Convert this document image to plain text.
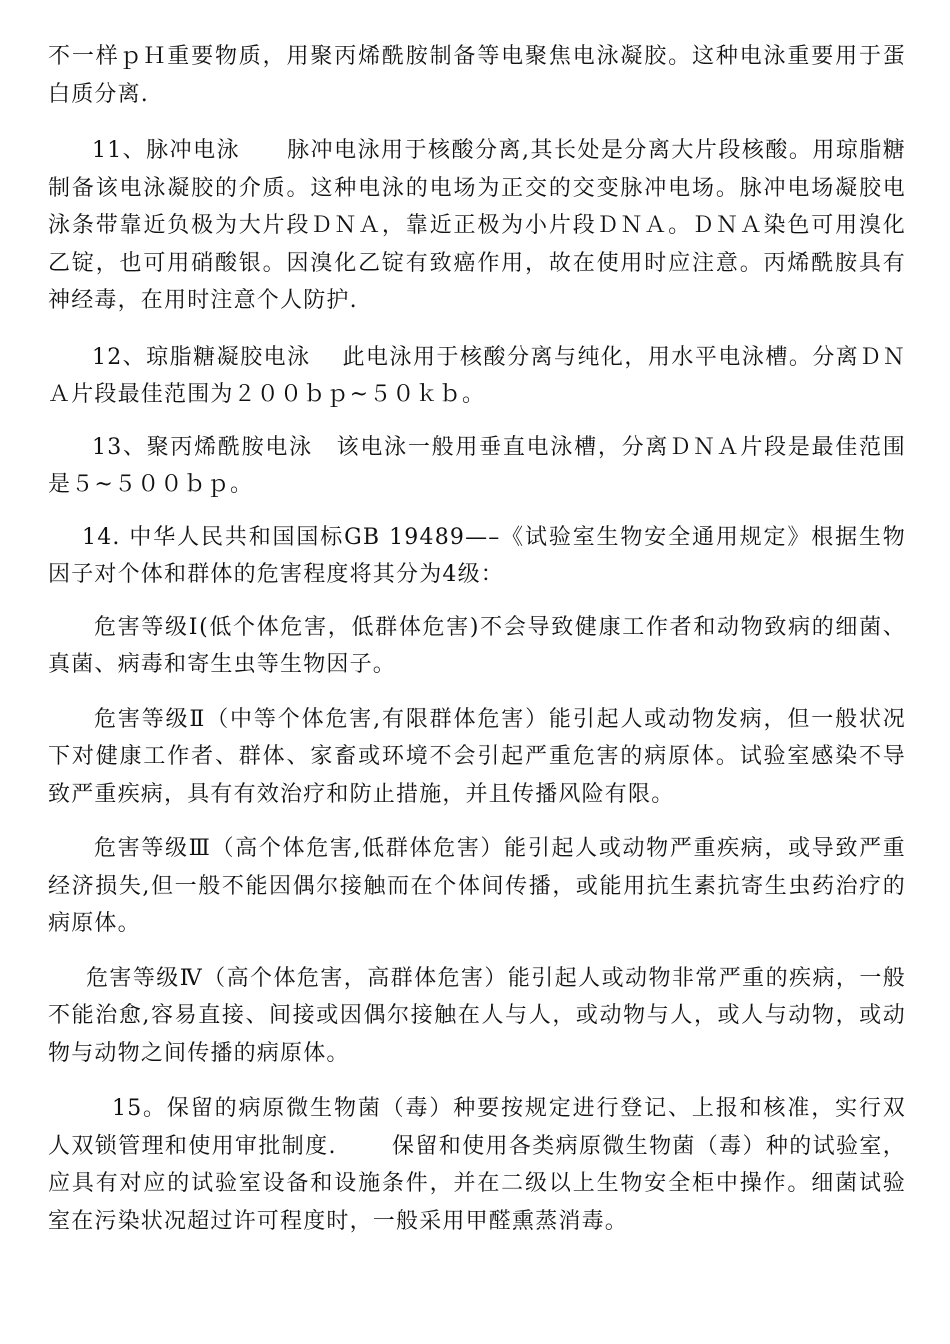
不一样ｐＨ重要物质，用聚丙烯酰胺制备等电聚焦电泳凝胶。这种电泳重要用于蛋白质分离.

11、脉冲电泳　　脉冲电泳用于核酸分离,其长处是分离大片段核酸。用琼脂糖制备该电泳凝胶的介质。这种电泳的电场为正交的交变脉冲电场。脉冲电场凝胶电泳条带靠近负极为大片段ＤＮＡ，靠近正极为小片段ＤＮＡ。ＤＮＡ染色可用溴化乙锭，也可用硝酸银。因溴化乙锭有致癌作用，故在使用时应注意。丙烯酰胺具有神经毒，在用时注意个人防护.

12、琼脂糖凝胶电泳　 此电泳用于核酸分离与纯化，用水平电泳槽。分离ＤＮＡ片段最佳范围为２００ｂｐ~５０ｋｂ。

13、聚丙烯酰胺电泳　该电泳一般用垂直电泳槽，分离ＤＮＡ片段是最佳范围是５~５００ｂｐ。

14. 中华人民共和国国标GB 19489—–《试验室生物安全通用规定》根据生物因子对个体和群体的危害程度将其分为4级：

危害等级Ⅰ(低个体危害，低群体危害)不会导致健康工作者和动物致病的细菌、真菌、病毒和寄生虫等生物因子。

危害等级Ⅱ（中等个体危害,有限群体危害）能引起人或动物发病，但一般状况下对健康工作者、群体、家畜或环境不会引起严重危害的病原体。试验室感染不导致严重疾病，具有有效治疗和防止措施，并且传播风险有限。

危害等级Ⅲ（高个体危害,低群体危害）能引起人或动物严重疾病，或导致严重经济损失,但一般不能因偶尔接触而在个体间传播，或能用抗生素抗寄生虫药治疗的病原体。

危害等级Ⅳ（高个体危害，高群体危害）能引起人或动物非常严重的疾病，一般不能治愈,容易直接、间接或因偶尔接触在人与人，或动物与人，或人与动物，或动物与动物之间传播的病原体。

15。保留的病原微生物菌（毒）种要按规定进行登记、上报和核准，实行双人双锁管理和使用审批制度.　　 保留和使用各类病原微生物菌（毒）种的试验室，应具有对应的试验室设备和设施条件，并在二级以上生物安全柜中操作。细菌试验室在污染状况超过许可程度时，一般采用甲醛熏蒸消毒。
